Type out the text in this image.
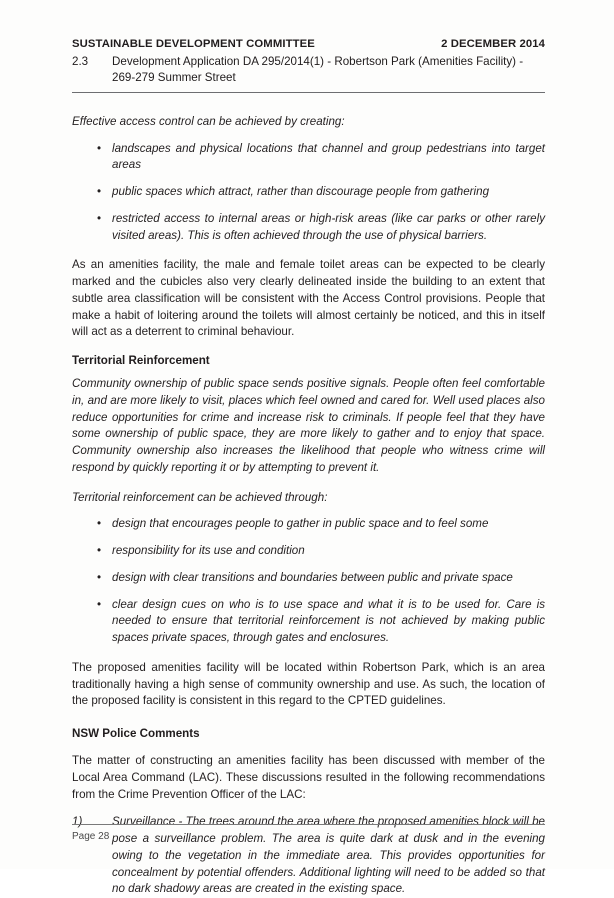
SUSTAINABLE DEVELOPMENT COMMITTEE	2 DECEMBER 2014
2.3	Development Application DA 295/2014(1) - Robertson Park (Amenities Facility) - 269-279 Summer Street

Effective access control can be achieved by creating:

• landscapes and physical locations that channel and group pedestrians into target areas
• public spaces which attract, rather than discourage people from gathering
• restricted access to internal areas or high-risk areas (like car parks or other rarely visited areas). This is often achieved through the use of physical barriers.

As an amenities facility, the male and female toilet areas can be expected to be clearly marked and the cubicles also very clearly delineated inside the building to an extent that subtle area classification will be consistent with the Access Control provisions. People that make a habit of loitering around the toilets will almost certainly be noticed, and this in itself will act as a deterrent to criminal behaviour.

Territorial Reinforcement

Community ownership of public space sends positive signals. People often feel comfortable in, and are more likely to visit, places which feel owned and cared for. Well used places also reduce opportunities for crime and increase risk to criminals. If people feel that they have some ownership of public space, they are more likely to gather and to enjoy that space. Community ownership also increases the likelihood that people who witness crime will respond by quickly reporting it or by attempting to prevent it.

Territorial reinforcement can be achieved through:

• design that encourages people to gather in public space and to feel some
• responsibility for its use and condition
• design with clear transitions and boundaries between public and private space
• clear design cues on who is to use space and what it is to be used for. Care is needed to ensure that territorial reinforcement is not achieved by making public spaces private spaces, through gates and enclosures.

The proposed amenities facility will be located within Robertson Park, which is an area traditionally having a high sense of community ownership and use. As such, the location of the proposed facility is consistent in this regard to the CPTED guidelines.

NSW Police Comments

The matter of constructing an amenities facility has been discussed with member of the Local Area Command (LAC). These discussions resulted in the following recommendations from the Crime Prevention Officer of the LAC:

1)	Surveillance - The trees around the area where the proposed amenities block will be pose a surveillance problem. The area is quite dark at dusk and in the evening owing to the vegetation in the immediate area. This provides opportunities for concealment by potential offenders. Additional lighting will need to be added so that no dark shadowy areas are created in the existing space.
Page 28
